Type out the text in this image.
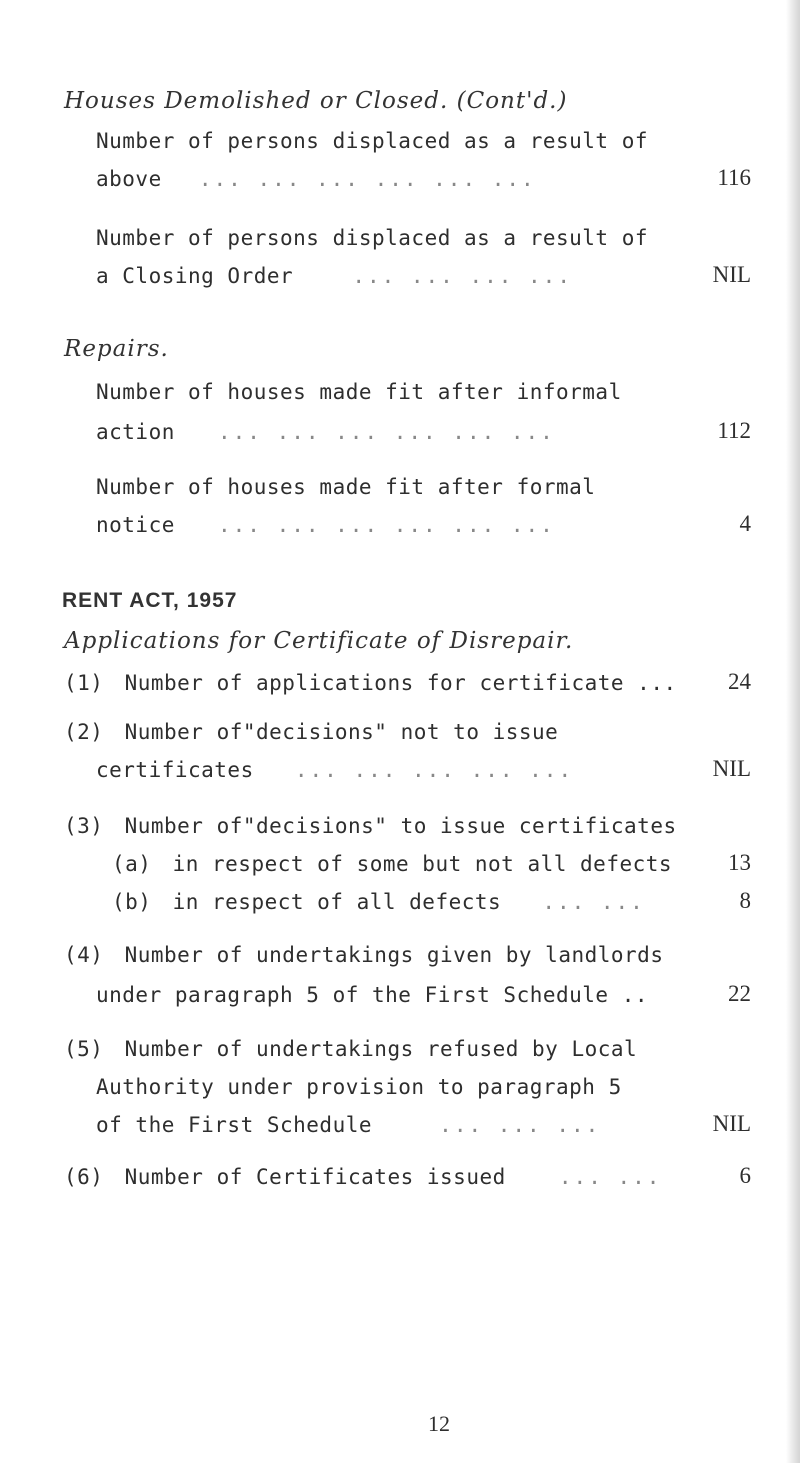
Houses Demolished or Closed. (Cont'd.)
Number of persons displaced as a result of
above ... ... ... ... ... ...	116
Number of persons displaced as a result of
a Closing Order	... ... ... ...	NIL
Repairs.
Number of houses made fit after informal
action ... ... ... ... ... ...	112
Number of houses made fit after formal
notice ... ... ... ... ... ...	4
RENT ACT, 1957
Applications for Certificate of Disrepair.
(1) Number of applications for certificate ... 24
(2) Number of"decisions" not to issue
certificates ... ... ... ... ...	NIL
(3) Number of"decisions" to issue certificates
(a) in respect of some but not all defects 13
(b) in respect of all defects ... ...	8
(4) Number of undertakings given by landlords
under paragraph 5 of the First Schedule ..	22
(5) Number of undertakings refused by Local
Authority under provision to paragraph 5
of the First Schedule	... ... ...	NIL
(6) Number of Certificates issued	... ...	6
12
